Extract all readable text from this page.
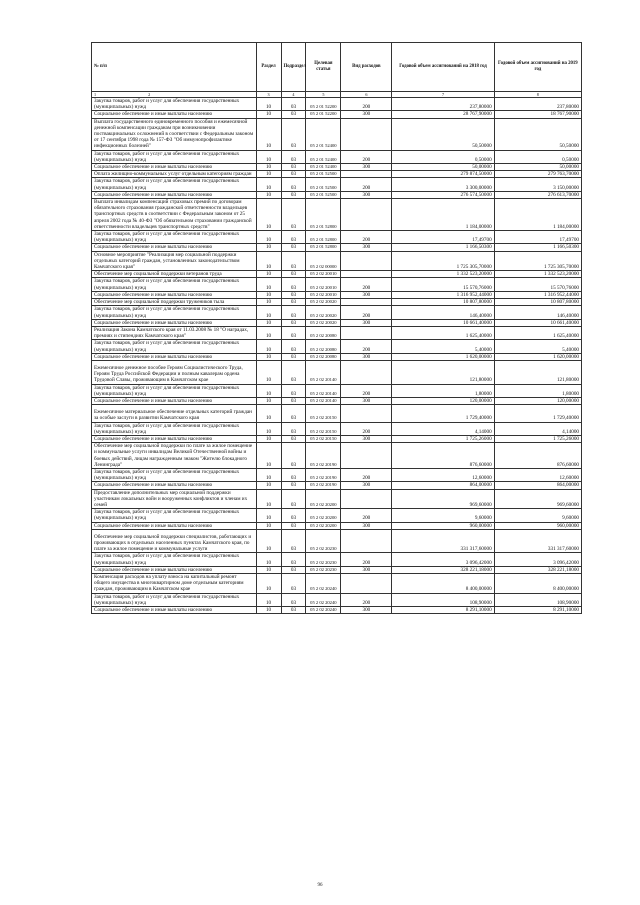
№ п/п	Раздел	Подраздел	Целевая статья	Вид расходов	Годовой объем ассигнований на 2018 год	Годовой объем ассигнований на 2019 год
1 2	3	4	5	6	7	8
Закупка товаров, работ и услуг для обеспечения государственных (муниципальных) нужд	10	03	05 2 01 52200	200	237,80000	237,80000
Социальное обеспечение и иные выплаты населению	10	03	05 2 01 52200	300	28 767,90000	18 767,90000
Выплата государственного единовременного пособия и ежемесячной денежной компенсации гражданам при возникновении поствакцинальных осложнений в соответствии с Федеральным законом от 17 сентября 1998 года № 157-ФЗ "Об иммунопрофилактике инфекционных болезней"	10	03	05 2 01 52400		50,50000	50,50000
Закупка товаров, работ и услуг для обеспечения государственных (муниципальных) нужд	10	03	05 2 01 52400	200	0,50000	0,50000
Социальное обеспечение и иные выплаты населению	10	03	05 2 01 52400	300	50,00000	50,00000
Оплата жилищно-коммунальных услуг отдельным категориям граждан	10	03	05 2 01 52500		279 874,50000	279 763,70000
Закупка товаров, работ и услуг для обеспечения государственных (муниципальных) нужд	10	03	05 2 01 52500	200	3 300,00000	3 150,00000
Социальное обеспечение и иные выплаты населению	10	03	05 2 01 52500	300	276 574,50000	276 613,70000
Выплата инвалидам компенсаций страховых премий по договорам обязательного страхования гражданской ответственности владельцев транспортных средств в соответствии с Федеральным законом от 25 апреля 2002 года № 40-ФЗ "Об обязательном страховании гражданской ответственности владельцев транспортных средств"	10	03	05 2 01 52800		1 184,00000	1 184,00000
Закупка товаров, работ и услуг для обеспечения государственных (муниципальных) нужд	10	03	05 2 01 52800	200	17,49700	17,49700
Социальное обеспечение и иные выплаты населению	10	03	05 2 01 52800	300	1 166,50300	1 166,50300
Основное мероприятие "Реализация мер социальной поддержки отдельных категорий граждан, установленных законодательством Камчатского края"	10	03	05 2 02 00000		1 725 305,70000	1 725 305,70000
Обеспечение мер социальной поддержки ветеранов труда	10	03	05 2 02 20010		1 332 523,20000	1 332 523,20000
Закупка товаров, работ и услуг для обеспечения государственных (муниципальных) нужд	10	03	05 2 02 20010	200	15 570,76000	15 570,76000
Социальное обеспечение и иные выплаты населению	10	03	05 2 02 20010	300	1 316 952,44000	1 316 952,44000
Обеспечение мер социальной поддержки тружеников тыла	10	03	05 2 02 20020		10 807,80000	10 807,80000
Закупка товаров, работ и услуг для обеспечения государственных (муниципальных) нужд	10	03	05 2 02 20020	200	146,40000	146,40000
Социальное обеспечение и иные выплаты населению	10	03	05 2 02 20020	300	10 661,40000	10 661,40000
Реализация Закона Камчатского края от 11.03.2008 № 18 "О наградах, премиях и стипендиях Камчатского края"	10	03	05 2 02 20080		1 625,40000	1 625,40000
Закупка товаров, работ и услуг для обеспечения государственных (муниципальных) нужд	10	03	05 2 02 20080	200	5,40000	5,40000
Социальное обеспечение и иные выплаты населению	10	03	05 2 02 20080	300	1 620,00000	1 620,00000
Ежемесячное денежное пособие Героям Социалистического Труда, Героям Труда Российской Федерации и полным кавалерам ордена Трудовой Славы, проживающим в Камчатском крае	10	03	05 2 02 20140		121,80000	121,80000
Закупка товаров, работ и услуг для обеспечения государственных (муниципальных) нужд	10	03	05 2 02 20140	200	1,80000	1,80000
Социальное обеспечение и иные выплаты населению	10	03	05 2 02 20140	300	120,00000	120,00000
Ежемесячное материальное обеспечение отдельных категорий граждан за особые заслуги в развитии Камчатского края	10	03	05 2 02 20150		1 729,40000	1 729,40000
Закупка товаров, работ и услуг для обеспечения государственных (муниципальных) нужд	10	03	05 2 02 20150	200	4,14000	4,14000
Социальное обеспечение и иные выплаты населению	10	03	05 2 02 20150	300	1 725,26000	1 725,26000
Обеспечение мер социальной поддержки по плате за жилое помещение и коммунальные услуги инвалидам Великой Отечественной войны и боевых действий, лицам награжденным знаком "Жителю блокадного Ленинграда"	10	03	05 2 02 20190		876,60000	876,60000
Закупка товаров, работ и услуг для обеспечения государственных (муниципальных) нужд	10	03	05 2 02 20190	200	12,60000	12,60000
Социальное обеспечение и иные выплаты населению	10	03	05 2 02 20190	300	864,00000	864,00000
Предоставление дополнительных мер социальной поддержки участникам локальных войн и вооруженных конфликтов и членам их семей	10	03	05 2 02 20200		969,60000	969,60000
Закупка товаров, работ и услуг для обеспечения государственных (муниципальных) нужд	10	03	05 2 02 20200	200	9,60000	9,60000
Социальное обеспечение и иные выплаты населению	10	03	05 2 02 20200	300	960,00000	960,00000
Обеспечение мер социальной поддержки специалистов, работающих и проживающих в отдельных населенных пунктах Камчатского края, по плате за жилое помещение и коммунальные услуги	10	03	05 2 02 20230		331 317,60000	331 317,60000
Закупка товаров, работ и услуг для обеспечения государственных (муниципальных) нужд	10	03	05 2 02 20230	200	3 096,42000	3 096,42000
Социальное обеспечение и иные выплаты населению	10	03	05 2 02 20230	300	328 221,18000	328 221,18000
Компенсация расходов на уплату взноса на капитальный ремонт общего имущества в многоквартирном доме отдельным категориям граждан, проживающим в Камчатском крае	10	03	05 2 02 20240		8 400,00000	8 400,00000
Закупка товаров, работ и услуг для обеспечения государственных (муниципальных) нужд	10	03	05 2 02 20240	200	108,90000	108,90000
Социальное обеспечение и иные выплаты населению	10	03	05 2 02 20240	300	8 291,10000	8 291,10000
96
